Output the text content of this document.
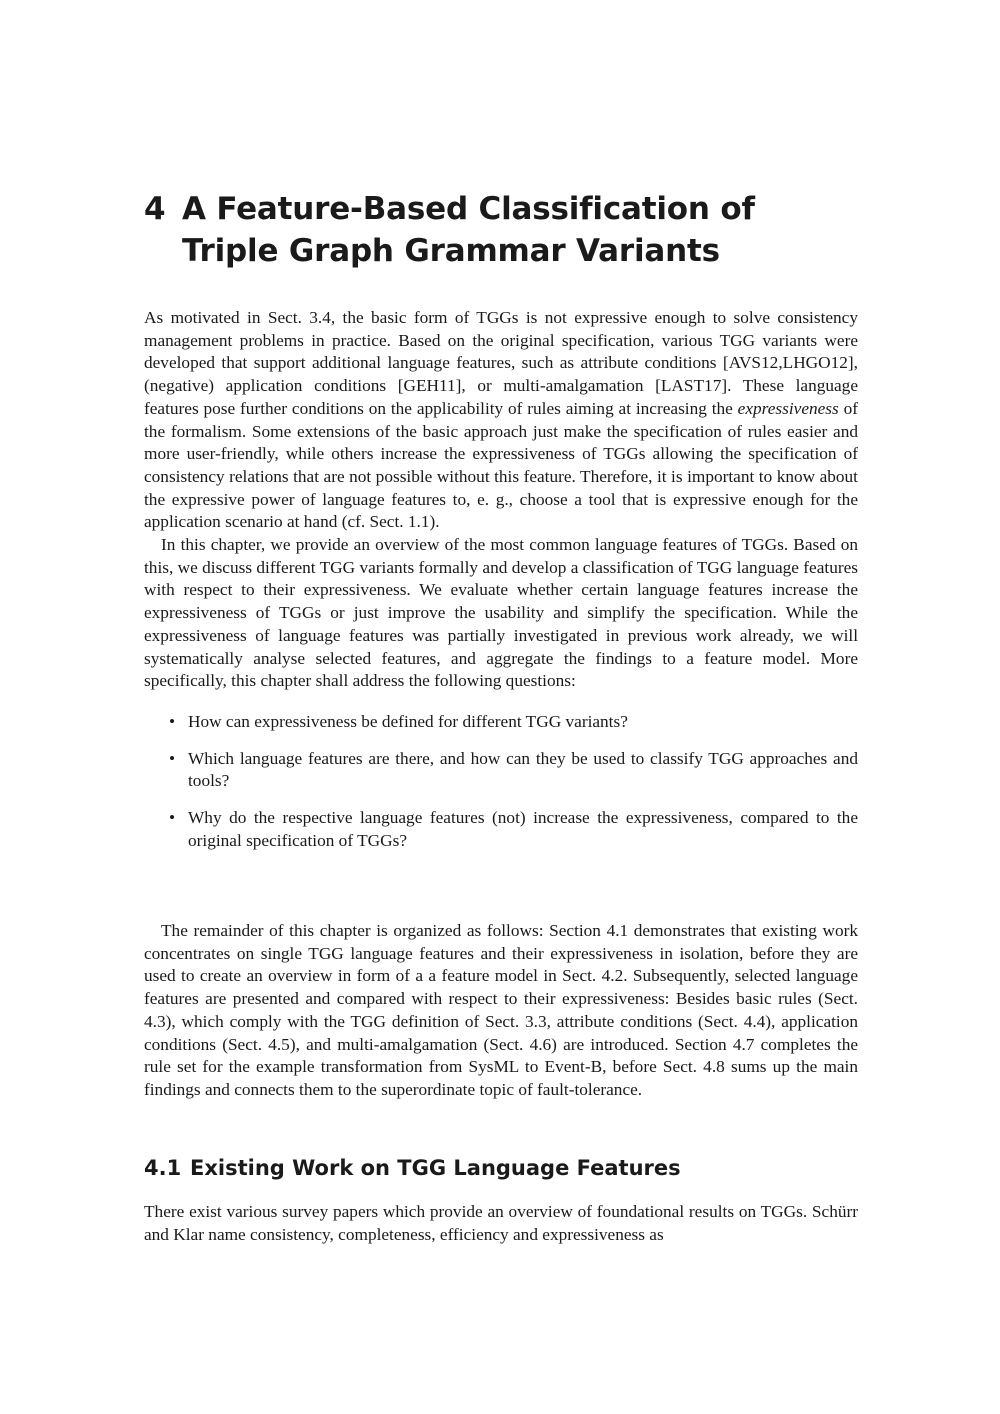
4 A Feature-Based Classification of Triple Graph Grammar Variants

As motivated in Sect. 3.4, the basic form of TGGs is not expressive enough to solve consistency management problems in practice. Based on the original specification, various TGG variants were developed that support additional language features, such as attribute conditions [AVS12,LHGO12], (negative) application conditions [GEH11], or multi-amalgamation [LAST17]. These language features pose further conditions on the applicability of rules aiming at increasing the expressiveness of the formalism. Some extensions of the basic approach just make the specification of rules easier and more user-friendly, while others increase the expressiveness of TGGs allowing the specification of consistency relations that are not possible without this feature. Therefore, it is important to know about the expressive power of language features to, e. g., choose a tool that is expressive enough for the application scenario at hand (cf. Sect. 1.1).

In this chapter, we provide an overview of the most common language features of TGGs. Based on this, we discuss different TGG variants formally and develop a classification of TGG language features with respect to their expressiveness. We evaluate whether certain language features increase the expressiveness of TGGs or just improve the usability and simplify the specification. While the expressiveness of language features was partially investigated in previous work already, we will systematically analyse selected features, and aggregate the findings to a feature model. More specifically, this chapter shall address the following questions:

• How can expressiveness be defined for different TGG variants?
• Which language features are there, and how can they be used to classify TGG approaches and tools?
• Why do the respective language features (not) increase the expressiveness, compared to the original specification of TGGs?

The remainder of this chapter is organized as follows: Section 4.1 demonstrates that existing work concentrates on single TGG language features and their expressiveness in isolation, before they are used to create an overview in form of a a feature model in Sect. 4.2. Subsequently, selected language features are presented and compared with respect to their expressiveness: Besides basic rules (Sect. 4.3), which comply with the TGG definition of Sect. 3.3, attribute conditions (Sect. 4.4), application conditions (Sect. 4.5), and multi-amalgamation (Sect. 4.6) are introduced. Section 4.7 completes the rule set for the example transformation from SysML to Event-B, before Sect. 4.8 sums up the main findings and connects them to the superordinate topic of fault-tolerance.

4.1 Existing Work on TGG Language Features

There exist various survey papers which provide an overview of foundational results on TGGs. Schürr and Klar name consistency, completeness, efficiency and expressiveness as
